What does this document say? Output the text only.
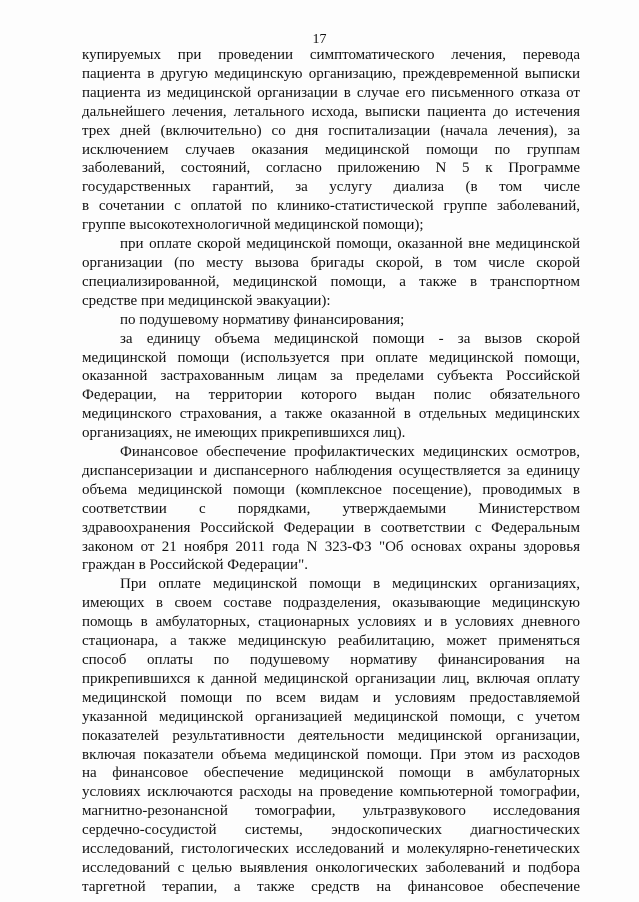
17

купируемых при проведении симптоматического лечения, перевода

пациента в другую медицинскую организацию, преждевременной выписки

пациента из медицинской организации в случае его письменного отказа от

дальнейшего лечения, летального исхода, выписки пациента до истечения

трех дней (включительно) со дня госпитализации (начала лечения), за

исключением случаев оказания медицинской помощи по группам

заболеваний, состояний, согласно приложению N 5 к Программе

государственных гарантий, за услугу диализа (в том числе

в сочетании с оплатой по клинико-статистической группе заболеваний,

группе высокотехнологичной медицинской помощи);

при оплате скорой медицинской помощи, оказанной вне медицинской

организации (по месту вызова бригады скорой, в том числе скорой

специализированной, медицинской помощи, а также в транспортном

средстве при медицинской эвакуации):

по подушевому нормативу финансирования;

за единицу объема медицинской помощи - за вызов скорой

медицинской помощи (используется при оплате медицинской помощи,

оказанной застрахованным лицам за пределами субъекта Российской

Федерации, на территории которого выдан полис обязательного

медицинского страхования, а также оказанной в отдельных медицинских

организациях, не имеющих прикрепившихся лиц).

Финансовое обеспечение профилактических медицинских осмотров,

диспансеризации и диспансерного наблюдения осуществляется за единицу

объема медицинской помощи (комплексное посещение), проводимых в

соответствии с порядками, утверждаемыми Министерством

здравоохранения Российской Федерации в соответствии с Федеральным

законом от 21 ноября 2011 года N 323-ФЗ "Об основах охраны здоровья

граждан в Российской Федерации".

При оплате медицинской помощи в медицинских организациях,

имеющих в своем составе подразделения, оказывающие медицинскую

помощь в амбулаторных, стационарных условиях и в условиях дневного

стационара, а также медицинскую реабилитацию, может применяться

способ оплаты по подушевому нормативу финансирования на

прикрепившихся к данной медицинской организации лиц, включая оплату

медицинской помощи по всем видам и условиям предоставляемой

указанной медицинской организацией медицинской помощи, с учетом

показателей результативности деятельности медицинской организации,

включая показатели объема медицинской помощи. При этом из расходов

на финансовое обеспечение медицинской помощи в амбулаторных

условиях исключаются расходы на проведение компьютерной томографии,

магнитно-резонансной томографии, ультразвукового исследования

сердечно-сосудистой системы, эндоскопических диагностических

исследований, гистологических исследований и молекулярно-генетических

исследований с целью выявления онкологических заболеваний и подбора

таргетной терапии, а также средств на финансовое обеспечение
